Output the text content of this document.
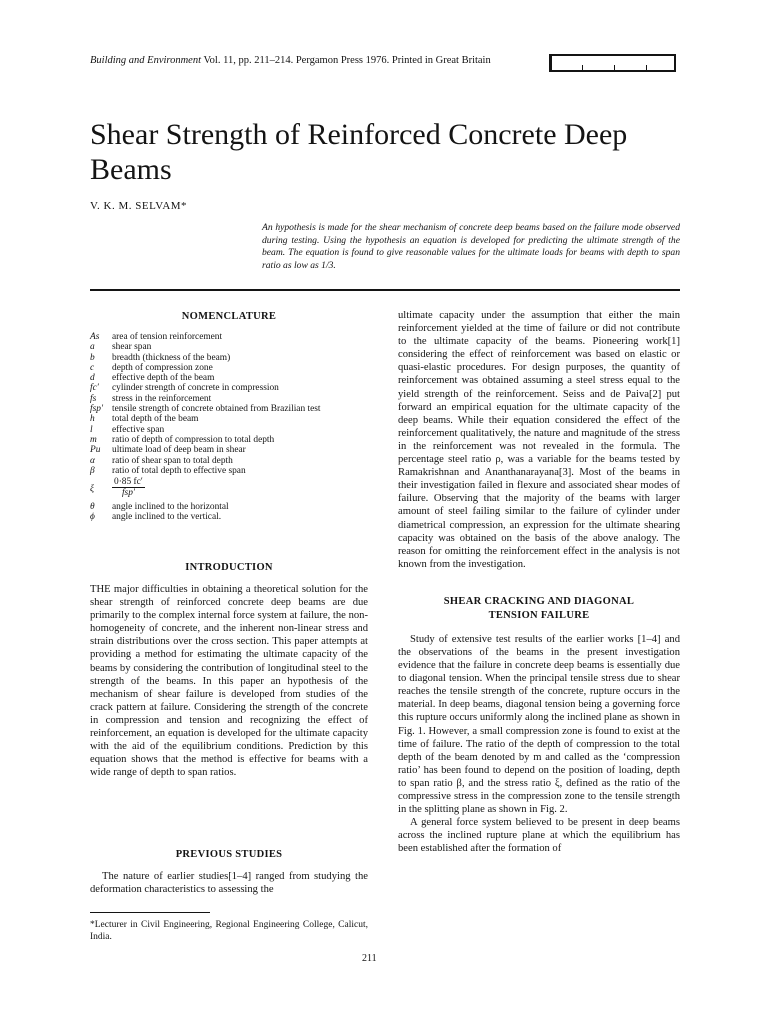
Building and Environment Vol. 11, pp. 211–214. Pergamon Press 1976. Printed in Great Britain
Shear Strength of Reinforced Concrete Deep Beams
V. K. M. SELVAM*

An hypothesis is made for the shear mechanism of concrete deep beams based on the failure mode observed during testing. Using the hypothesis an equation is developed for predicting the ultimate strength of the beam. The equation is found to give reasonable values for the ultimate loads for beams with depth to span ratio as low as 1/3.

NOMENCLATURE

As	area of tension reinforcement
a	shear span
b	breadth (thickness of the beam)
c	depth of compression zone
d	effective depth of the beam
fc′	cylinder strength of concrete in compression
fs	stress in the reinforcement
fsp′ tensile strength of concrete obtained from Brazilian test
h	total depth of the beam
l	effective span
m	ratio of depth of compression to total depth
Pu	ultimate load of deep beam in shear
α	ratio of shear span to total depth
β	ratio of total depth to effective span
ξ	$\frac{0\cdot 85 fc'}{\text{fsp′}}$
θ	angle inclined to the horizontal
ϕ	angle inclined to the vertical.

INTRODUCTION

THE major difficulties in obtaining a theoretical solution for the shear strength of reinforced concrete deep beams are due primarily to the complex internal force system at failure, the non-homogeneity of concrete, and the inherent non-linear stress and strain distributions over the cross section. This paper attempts at providing a method for estimating the ultimate capacity of the beams by considering the contribution of longitudinal steel to the strength of the beams. In this paper an hypothesis of the mechanism of shear failure is developed from studies of the crack pattern at failure. Considering the strength of the concrete in compression and tension and recognizing the effect of reinforcement, an equation is developed for the ultimate capacity with the aid of the equilibrium conditions. Prediction by this equation shows that the method is effective for beams with a wide range of depth to span ratios.

PREVIOUS STUDIES

The nature of earlier studies[1–4] ranged from studying the deformation characteristics to assessing the

*Lecturer in Civil Engineering, Regional Engineering College, Calicut, India.

ultimate capacity under the assumption that either the main reinforcement yielded at the time of failure or did not contribute to the ultimate capacity of the beams. Pioneering work[1] considering the effect of reinforcement was based on elastic or quasi-elastic procedures. For design purposes, the quantity of reinforcement was obtained assuming a steel stress equal to the yield strength of the reinforcement. Seiss and de Paiva[2] put forward an empirical equation for the ultimate capacity of the deep beams. While their equation considered the effect of the reinforcement qualitatively, the nature and magnitude of the stress in the reinforcement was not revealed in the formula. The percentage steel ratio ρ, was a variable for the beams tested by Ramakrishnan and Ananthanarayana[3]. Most of the beams in their investigation failed in flexure and associated shear modes of failure. Observing that the majority of the beams with larger amount of steel failing similar to the failure of cylinder under diametrical compression, an expression for the ultimate shearing capacity was obtained on the basis of the above analogy. The reason for omitting the reinforcement effect in the analysis is not known from the investigation.

SHEAR CRACKING AND DIAGONAL
TENSION FAILURE

Study of extensive test results of the earlier works [1–4] and the observations of the beams in the present investigation evidence that the failure in concrete deep beams is essentially due to diagonal tension. When the principal tensile stress due to shear reaches the tensile strength of the concrete, rupture occurs in the material. In deep beams, diagonal tension being a governing force this rupture occurs uniformly along the inclined plane as shown in Fig. 1. However, a small compression zone is found to exist at the time of failure. The ratio of the depth of compression to the total depth of the beam denoted by m and called as the ‘compression ratio’ has been found to depend on the position of loading, depth to span ratio β, and the stress ratio ξ, defined as the ratio of the compressive stress in the compression zone to the tensile strength in the splitting plane as shown in Fig. 2.

A general force system believed to be present in deep beams across the inclined rupture plane at which the equilibrium has been established after the formation of

211
